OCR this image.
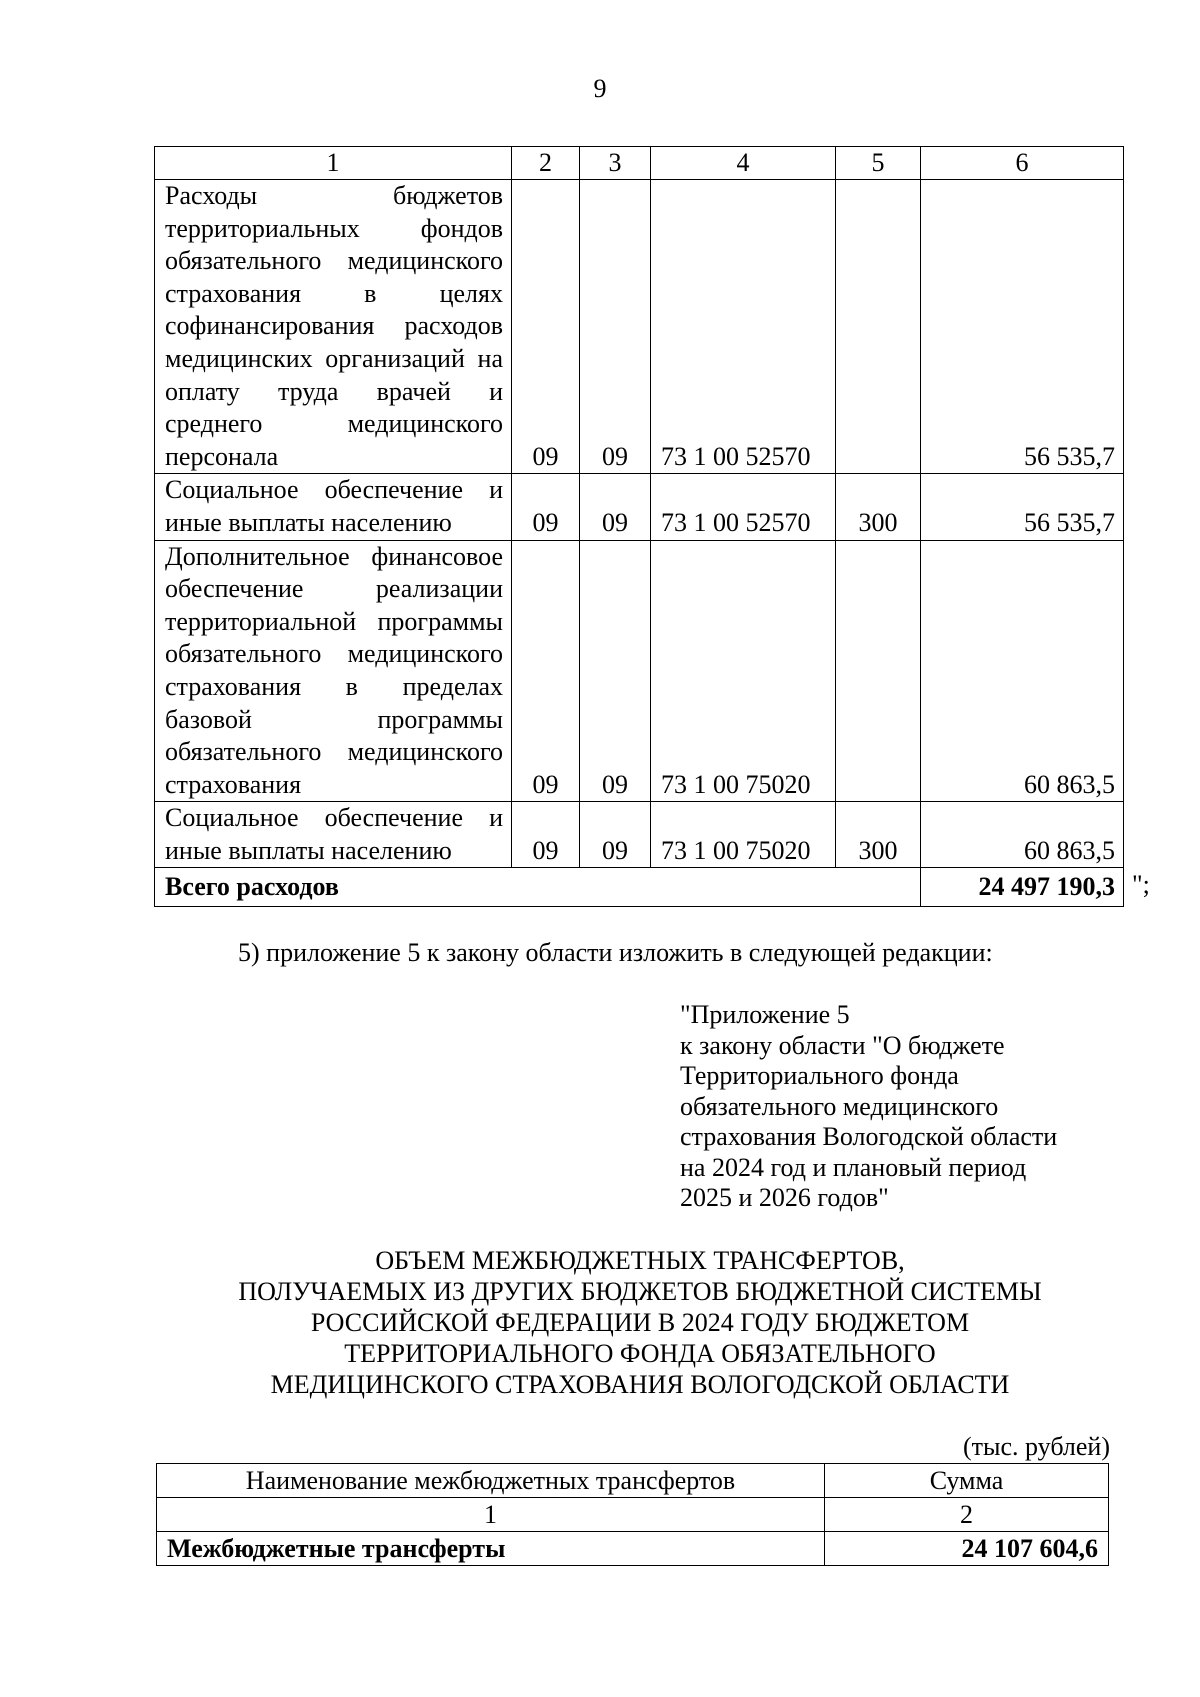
9
1	2	3	4	5	6
Расходы бюджетов территориальных фондов обязательного медицинского страхования в целях софинансирования расходов медицинских организаций на оплату труда врачей и среднего медицинского персонала	09	09	73 1 00 52570		56 535,7
Социальное обеспечение и иные выплаты населению	09	09	73 1 00 52570	300	56 535,7
Дополнительное финансовое обеспечение реализации территориальной программы обязательного медицинского страхования в пределах базовой программы обязательного медицинского страхования	09	09	73 1 00 75020		60 863,5
Социальное обеспечение и иные выплаты населению	09	09	73 1 00 75020	300	60 863,5
Всего расходов					24 497 190,3 ";
5) приложение 5 к закону области изложить в следующей редакции:
"Приложение 5
к закону области "О бюджете
Территориального фонда
обязательного медицинского
страхования Вологодской области
на 2024 год и плановый период
2025 и 2026 годов"
ОБЪЕМ МЕЖБЮДЖЕТНЫХ ТРАНСФЕРТОВ,
ПОЛУЧАЕМЫХ ИЗ ДРУГИХ БЮДЖЕТОВ БЮДЖЕТНОЙ СИСТЕМЫ
РОССИЙСКОЙ ФЕДЕРАЦИИ В 2024 ГОДУ БЮДЖЕТОМ
ТЕРРИТОРИАЛЬНОГО ФОНДА ОБЯЗАТЕЛЬНОГО
МЕДИЦИНСКОГО СТРАХОВАНИЯ ВОЛОГОДСКОЙ ОБЛАСТИ
(тыс. рублей)
Наименование межбюджетных трансфертов	Сумма
1	2
Межбюджетные трансферты	24 107 604,6
